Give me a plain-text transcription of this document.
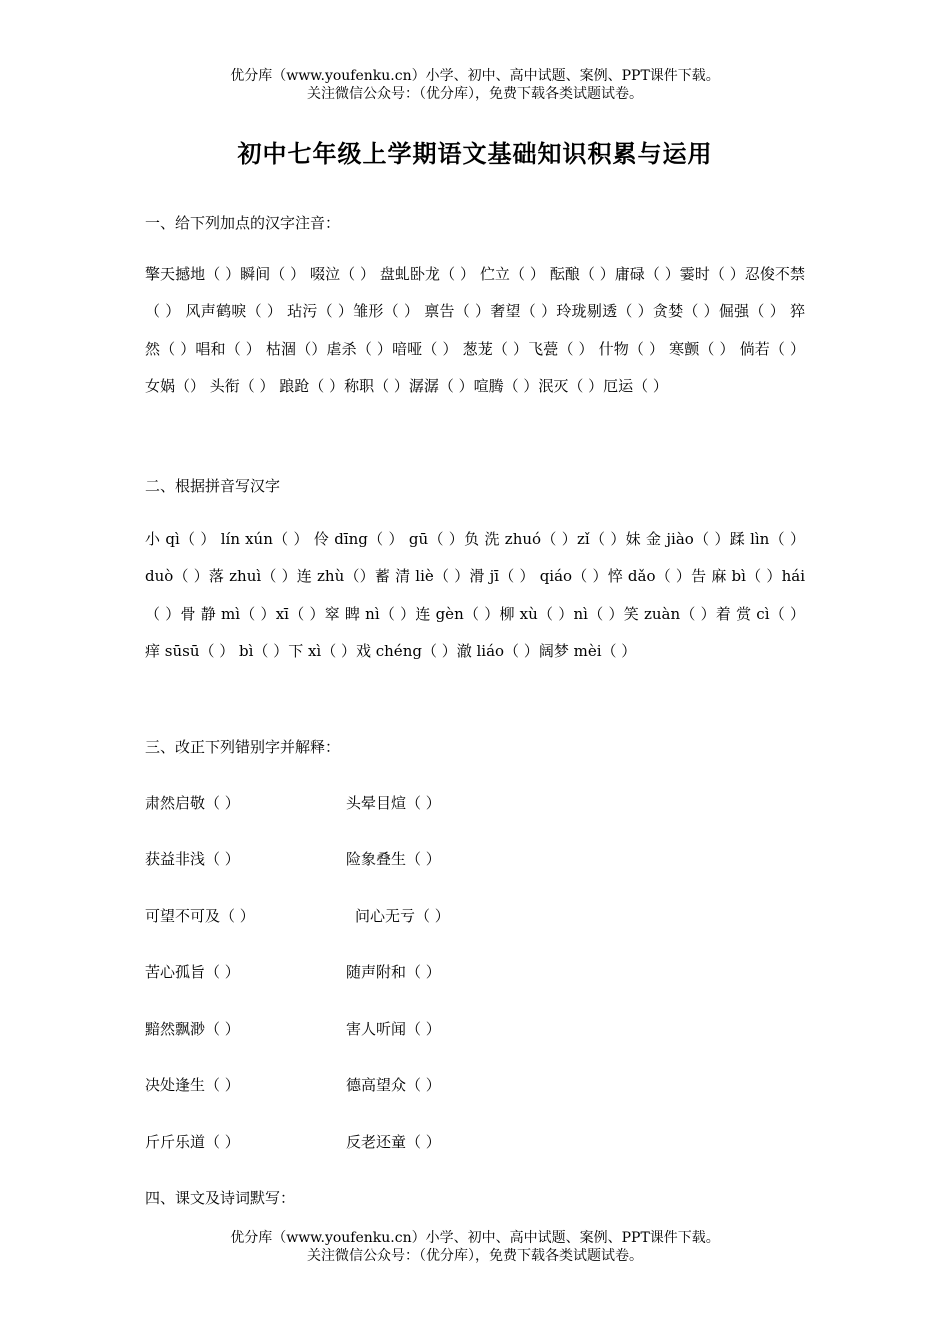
优分库（www.youfenku.cn）小学、初中、高中试题、案例、PPT课件下载。
关注微信公众号：（优分库），免费下载各类试题试卷。
初中七年级上学期语文基础知识积累与运用
一、给下列加点的汉字注音：
擎天撼地（ ）瞬间（ ） 啜泣（ ） 盘虬卧龙（ ） 伫立（ ） 酝酿（ ）庸碌（ ）霎时（ ）忍俊不禁（ ） 风声鹤唳（ ） 玷污（ ）雏形（ ） 禀告（ ）奢望（ ）玲珑剔透（ ）贪婪（ ）倔强（ ） 猝然（ ）唱和（ ） 枯涸（）虐杀（ ）喑哑（ ） 葱茏（ ）飞甍（ ） 什物（ ） 寒颤（ ） 倘若（ ）女娲（） 头衔（ ） 踉跄（ ）称职（ ）潺潺（ ）喧腾（ ）泯灭（ ）厄运（ ）
二、根据拼音写汉字
小 qì（ ） lín xún（ ） 伶 dīng（ ） gū（ ）负 洗 zhuó（ ）zǐ（ ）妹 金 jiào（ ）蹂 lìn（ ）duò（ ）落 zhuì（ ）连 zhù（）蓄 清 liè（ ）滑 jī（ ） qiáo（ ）悴 dǎo（ ）告 麻 bì（ ）hái（ ）骨 静 mì（ ）xī（ ）窣 睥 nì（ ）连 gèn（ ）柳 xù（ ）nì（ ）笑 zuàn（ ）着 赏 cì（ ）痒 sūsū（ ） bì（ ）下 xì（ ）戏 chéng（ ）澈 liáo（ ）阔梦 mèi（ ）
三、改正下列错别字并解释：
肃然启敬（ ）	头晕目煊（ ）
获益非浅（ ）	险象叠生（ ）
可望不可及（ ）	问心无亏（ ）
苦心孤旨（ ）	随声附和（ ）
黯然飘渺（ ）	害人听闻（ ）
决处逢生（ ）	德高望众（ ）
斤斤乐道（ ）	反老还童（ ）
四、课文及诗词默写：
优分库（www.youfenku.cn）小学、初中、高中试题、案例、PPT课件下载。
关注微信公众号：（优分库），免费下载各类试题试卷。
